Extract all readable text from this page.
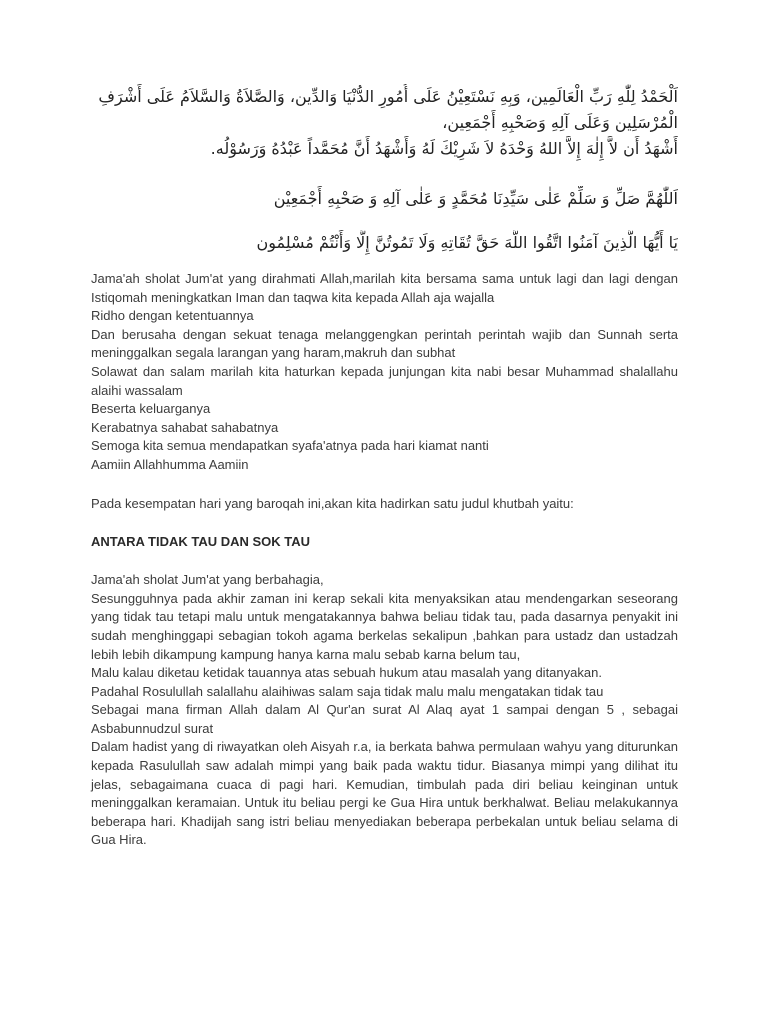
اَلْحَمْدُ لِلّٰهِ رَبِّ الْعَالَمِين، وَبِهِ نَسْتَعِيْنُ عَلَى أُمُورِ الدُّنْيَا وَالدِّين، وَالصَّلاَةُ وَالسَّلاَمُ عَلَى أَشْرَفِ
الْمُرْسَلِين وَعَلَى آلِهِ وَصَحْبِهِ أَجْمَعِين،
أَشْهَدُ أَن لاَّ إِلٰهَ إِلاَّ اللهُ وَحْدَهُ لاَ شَرِيْكَ لَهُ وَأَشْهَدُ أَنَّ مُحَمَّداً عَبْدُهُ وَرَسُوْلُه.
اَللّٰهُمَّ صَلِّ وَ سَلِّمْ عَلٰى سَيِّدِنَا مُحَمَّدٍ وَ عَلٰى آلِهِ وَ صَحْبِهِ أَجْمَعِيْن
يَا أَيُّهَا الَّذِينَ آمَنُوا اتَّقُوا اللَّهَ حَقَّ تُقَاتِهِ وَلَا تَمُوتُنَّ إِلَّا وَأَنْتُمْ مُسْلِمُون

Jama'ah sholat Jum'at yang dirahmati Allah,marilah kita bersama sama untuk lagi dan lagi dengan Istiqomah meningkatkan Iman dan taqwa kita kepada Allah aja wajalla

Ridho dengan ketentuannya

Dan berusaha dengan sekuat tenaga melanggengkan perintah perintah wajib dan Sunnah serta meninggalkan segala larangan yang haram,makruh dan subhat

Solawat dan salam marilah kita haturkan kepada junjungan kita nabi besar Muhammad shalallahu alaihi wassalam

Beserta keluarganya

Kerabatnya sahabat sahabatnya

Semoga kita semua mendapatkan syafa'atnya pada hari kiamat nanti

Aamiin Allahhumma Aamiin

Pada kesempatan hari yang baroqah ini,akan kita hadirkan satu judul khutbah yaitu:

ANTARA TIDAK TAU DAN SOK TAU

Jama'ah sholat Jum'at yang berbahagia,

Sesungguhnya pada akhir zaman ini kerap sekali kita menyaksikan atau mendengarkan seseorang yang tidak tau tetapi malu untuk mengatakannya bahwa beliau tidak tau, pada dasarnya penyakit ini sudah menghinggapi sebagian tokoh agama berkelas sekalipun ,bahkan para ustadz dan ustadzah lebih lebih dikampung kampung hanya karna malu sebab karna belum tau,

Malu kalau diketau ketidak tauannya atas sebuah hukum atau masalah yang ditanyakan.

Padahal Rosulullah salallahu alaihiwas salam saja tidak malu malu mengatakan tidak tau

Sebagai mana firman Allah dalam Al Qur'an surat Al Alaq ayat 1 sampai dengan 5 , sebagai Asbabunnudzul surat

Dalam hadist yang di riwayatkan oleh Aisyah r.a, ia berkata bahwa permulaan wahyu yang diturunkan kepada Rasulullah saw adalah mimpi yang baik pada waktu tidur. Biasanya mimpi yang dilihat itu jelas, sebagaimana cuaca di pagi hari. Kemudian, timbulah pada diri beliau keinginan untuk meninggalkan keramaian. Untuk itu beliau pergi ke Gua Hira untuk berkhalwat. Beliau melakukannya beberapa hari. Khadijah sang istri beliau menyediakan beberapa perbekalan untuk beliau selama di Gua Hira.
